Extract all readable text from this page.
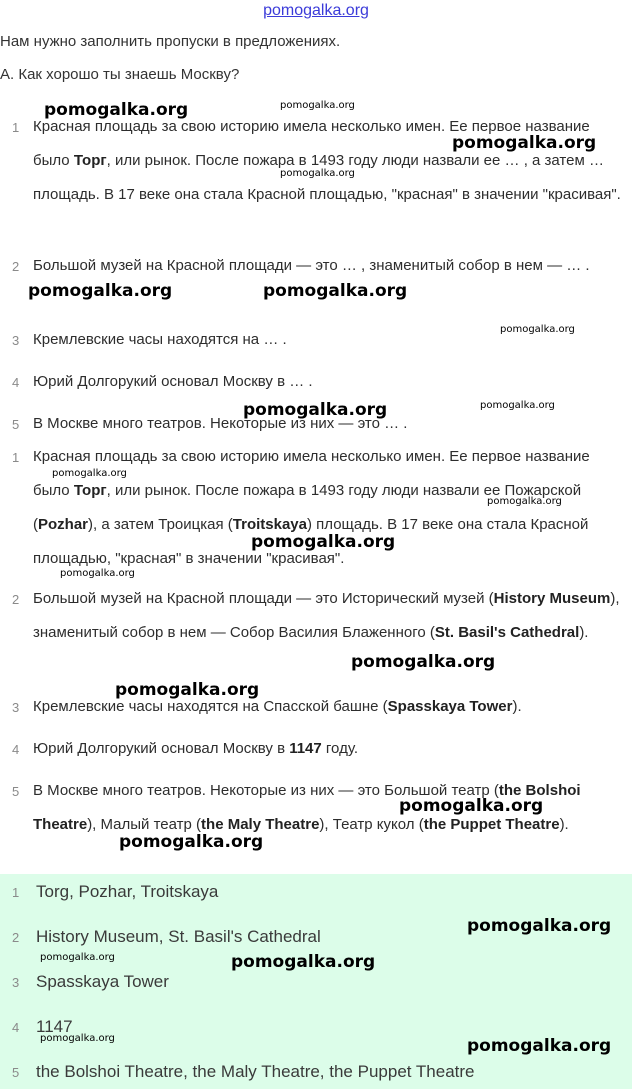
pomogalka.org
Нам нужно заполнить пропуски в предложениях.
A. Как хорошо ты знаешь Москву?
1 Красная площадь за свою историю имела несколько имен. Ее первое название было Торг, или рынок. После пожара в 1493 году люди назвали ее … , а затем … площадь. В 17 веке она стала Красной площадью, "красная" в значении "красивая".
2 Большой музей на Красной площади — это … , знаменитый собор в нем — … .
3 Кремлевские часы находятся на … .
4 Юрий Долгорукий основал Москву в … .
5 В Москве много театров. Некоторые из них — это … .
1 Красная площадь за свою историю имела несколько имен. Ее первое название было Торг, или рынок. После пожара в 1493 году люди назвали ее Пожарской (Pozhar), а затем Троицкая (Troitskaya) площадь. В 17 веке она стала Красной площадью, "красная" в значении "красивая".
2 Большой музей на Красной площади — это Исторический музей (History Museum), знаменитый собор в нем — Собор Василия Блаженного (St. Basil's Cathedral).
3 Кремлевские часы находятся на Спасской башне (Spasskaya Tower).
4 Юрий Долгорукий основал Москву в 1147 году.
5 В Москве много театров. Некоторые из них — это Большой театр (the Bolshoi Theatre), Малый театр (the Maly Theatre), Театр кукол (the Puppet Theatre).
1 Torg, Pozhar, Troitskaya
2 History Museum, St. Basil's Cathedral
3 Spasskaya Tower
4 1147
5 the Bolshoi Theatre, the Maly Theatre, the Puppet Theatre
pomogalka.org	pomogalka.org
pomogalka.org
pomogalka.org
pomogalka.org	pomogalka.org
pomogalka.org
pomogalka.org	pomogalka.org
pomogalka.org
pomogalka.org
pomogalka.org
pomogalka.org
pomogalka.org
pomogalka.org
pomogalka.org
pomogalka.org
pomogalka.org
pomogalka.org	pomogalka.org
pomogalka.org	pomogalka.org
